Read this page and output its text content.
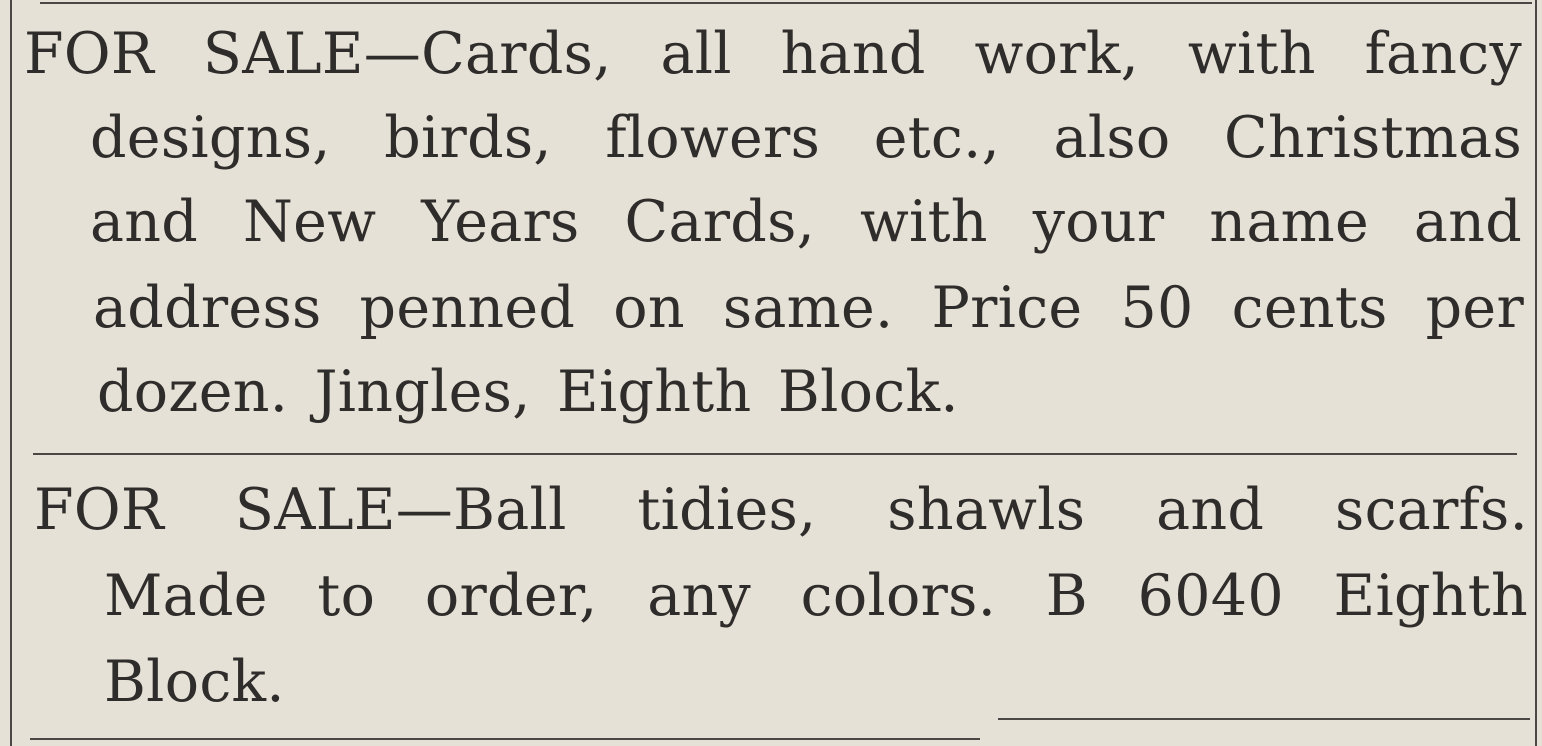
FOR SALE—Cards, all hand work, with fancy
designs, birds, flowers etc., also Christmas
and New Years Cards, with your name and
address penned on same. Price 50 cents per
dozen. Jingles, Eighth Block.
FOR SALE—Ball tidies, shawls and scarfs.
Made to order, any colors. B 6040 Eighth
Block.
